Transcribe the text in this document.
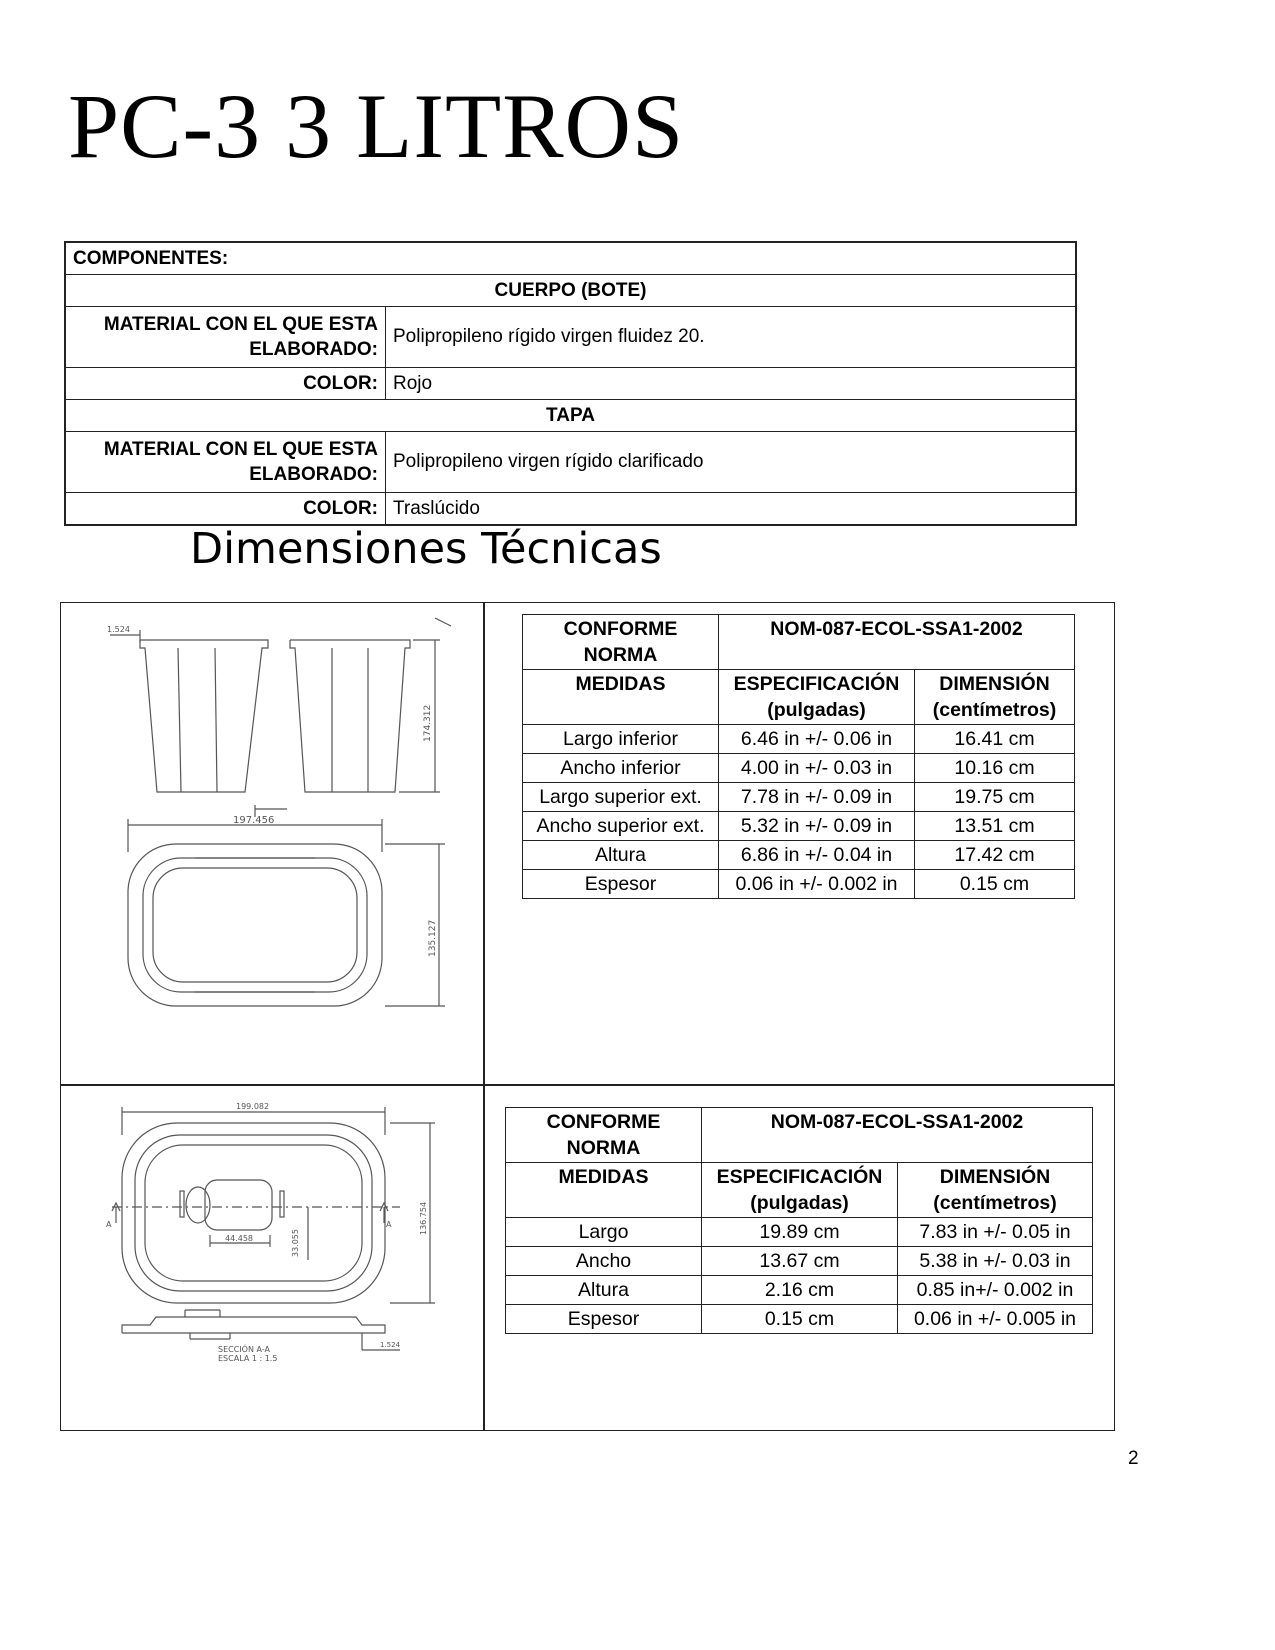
PC-3 3 LITROS
COMPONENTES:	
CUERPO (BOTE)	
MATERIAL CON EL QUE ESTA ELABORADO:	Polipropileno rígido virgen fluidez 20.
COLOR:	Rojo
TAPA	
MATERIAL CON EL QUE ESTA ELABORADO:	Polipropileno virgen rígido clarificado
COLOR:	Traslúcido
Dimensiones Técnicas
1.524
174.312
197.456
135.127
CONFORME NORMA	NOM-087-ECOL-SSA1-2002	
MEDIDAS	ESPECIFICACIÓN (pulgadas)	DIMENSIÓN (centímetros)
Largo inferior	6.46 in +/- 0.06 in	16.41 cm
Ancho inferior	4.00 in +/- 0.03 in	10.16 cm
Largo superior ext.	7.78 in +/- 0.09 in	19.75 cm
Ancho superior ext.	5.32 in +/- 0.09 in	13.51 cm
Altura	6.86 in +/- 0.04 in	17.42 cm
Espesor	0.06 in +/- 0.002 in	0.15 cm
199.082
44.458	33.055
136.754
A	A
1.524
SECCIÓN A-A
ESCALA 1 : 1.5
CONFORME NORMA	NOM-087-ECOL-SSA1-2002	
MEDIDAS	ESPECIFICACIÓN (pulgadas)	DIMENSIÓN (centímetros)
Largo	19.89 cm	7.83 in +/- 0.05 in
Ancho	13.67 cm	5.38 in +/- 0.03 in
Altura	2.16 cm	0.85 in+/- 0.002 in
Espesor	0.15 cm	0.06 in +/- 0.005 in
2
